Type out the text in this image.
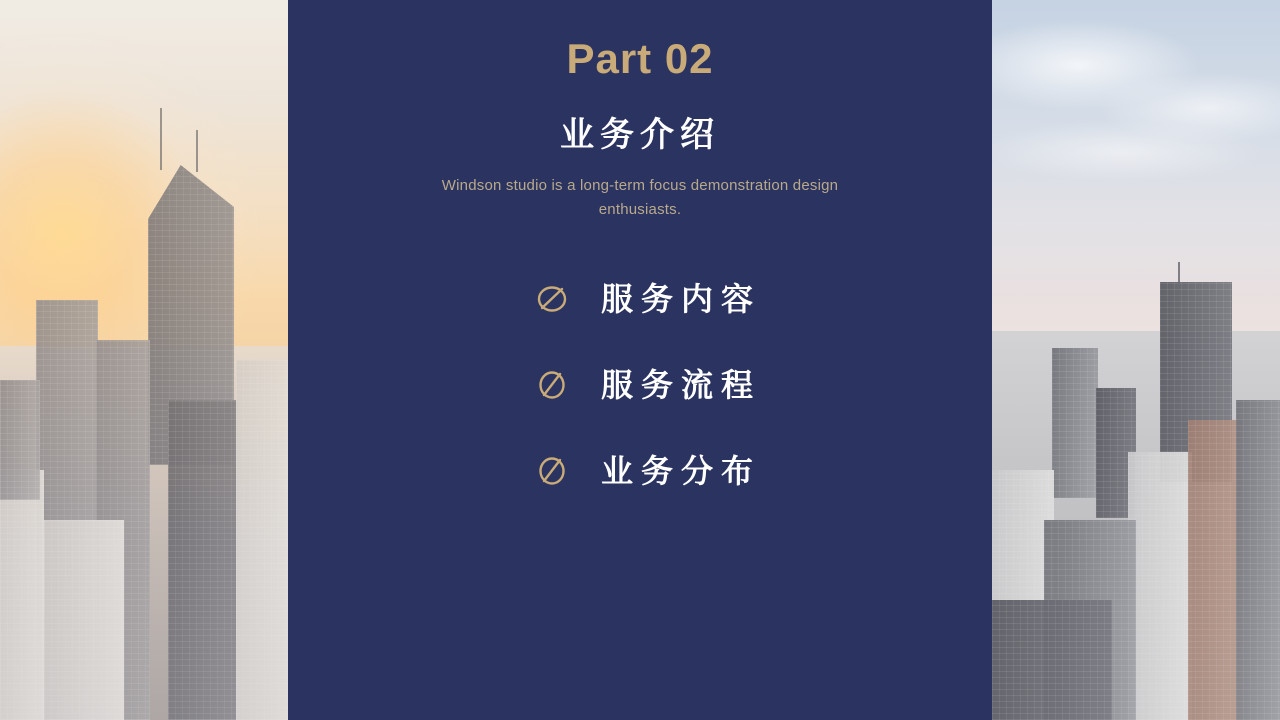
Part 02
业务介绍
Windson studio is a long-term focus demonstration design enthusiasts.
服务内容
服务流程
业务分布
